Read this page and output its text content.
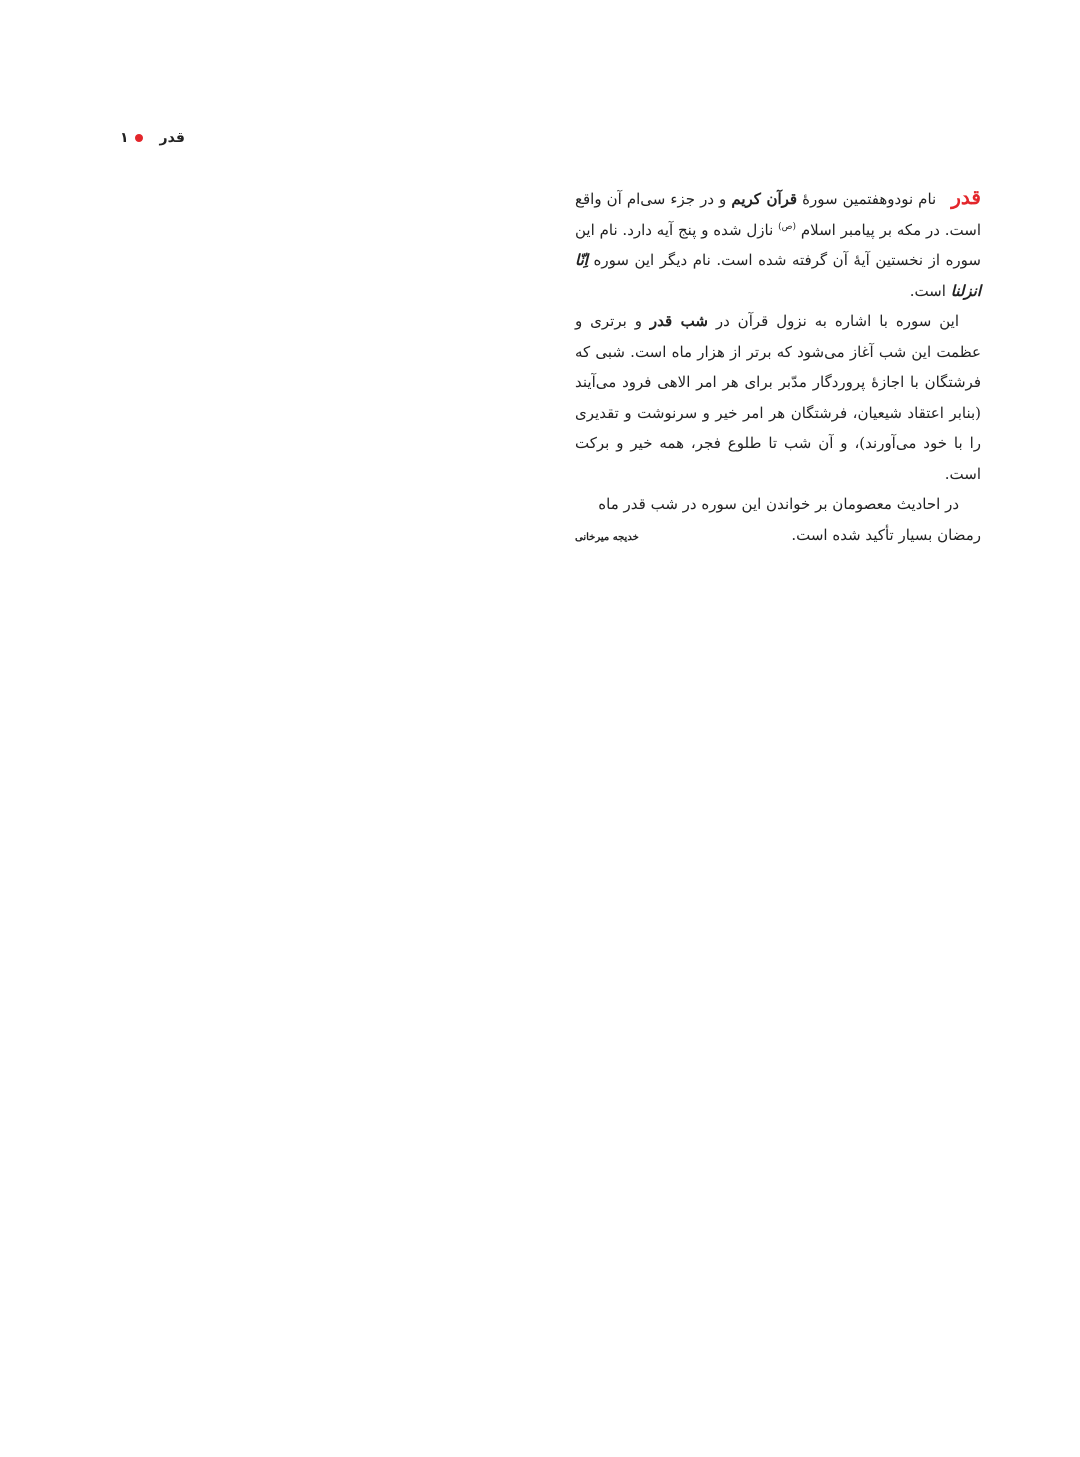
۱ قدر

قدر نام نودوهفتمین سورهٔ قرآن کریم و در جزء سی‌ام آن واقع است. در مکه بر پیامبر اسلام $^{(ص)}$ نازل شده و پنج آیه دارد. نام این سوره از نخستین آیهٔ آن گرفته شده است. نام دیگر این سوره اِنّا انزلنا است.

این سوره با اشاره به نزول قرآن در شب قدر و برتری و عظمت این شب آغاز می‌شود که برتر از هزار ماه است. شبی که فرشتگان با اجازهٔ پروردگار مدّبر برای هر امر الاهی فرود می‌آیند (بنابر اعتقاد شیعیان، فرشتگان هر امر خیر و سرنوشت و تقدیری را با خود می‌آورند)، و آن شب تا طلوع فجر، همه خیر و برکت است.

در احادیث معصومان بر خواندن این سوره در شب قدر ماه

رمضان بسیار تأکید شده است.
خدیجه میرخانی
